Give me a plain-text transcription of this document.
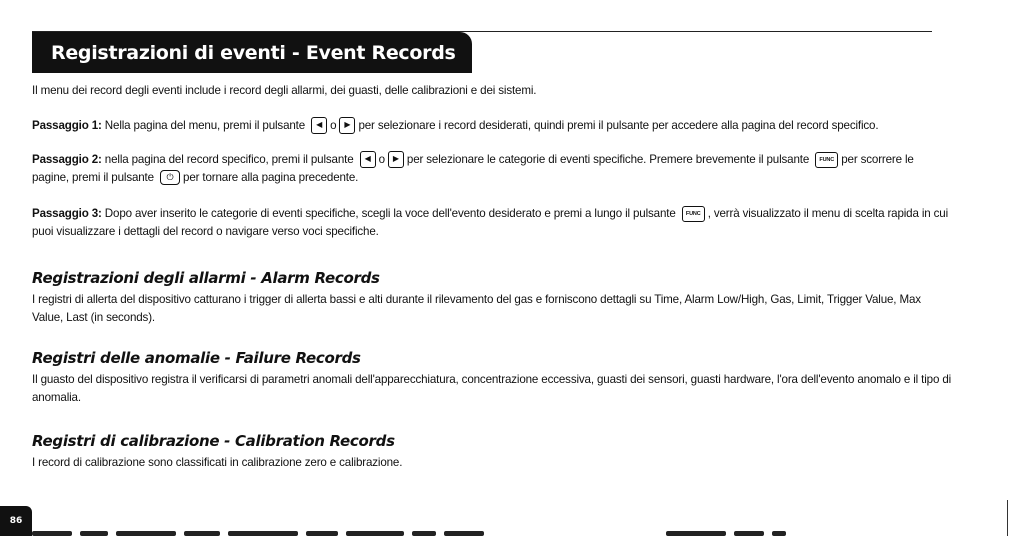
Registrazioni di eventi - Event Records

Il menu dei record degli eventi include i record degli allarmi, dei guasti, delle calibrazioni e dei sistemi.

Passaggio 1: Nella pagina del menu, premi il pulsante ◀ o ▶ per selezionare i record desiderati, quindi premi il pulsante per accedere alla pagina del record specifico.

Passaggio 2: nella pagina del record specifico, premi il pulsante ◀ o ▶ per selezionare le categorie di eventi specifiche. Premere brevemente il pulsante FUNC per scorrere le pagine, premi il pulsante ⏻ per tornare alla pagina precedente.

Passaggio 3: Dopo aver inserito le categorie di eventi specifiche, scegli la voce dell'evento desiderato e premi a lungo il pulsante FUNC , verrà visualizzato il menu di scelta rapida in cui puoi visualizzare i dettagli del record o navigare verso voci specifiche.

Registrazioni degli allarmi - Alarm Records

I registri di allerta del dispositivo catturano i trigger di allerta bassi e alti durante il rilevamento del gas e forniscono dettagli su Time, Alarm Low/High, Gas, Limit, Trigger Value, Max Value, Last (in seconds).

Registri delle anomalie - Failure Records

Il guasto del dispositivo registra il verificarsi di parametri anomali dell'apparecchiatura, concentrazione eccessiva, guasti dei sensori, guasti hardware, l'ora dell'evento anomalo e il tipo di anomalia.

Registri di calibrazione - Calibration Records

I record di calibrazione sono classificati in calibrazione zero e calibrazione.

86
